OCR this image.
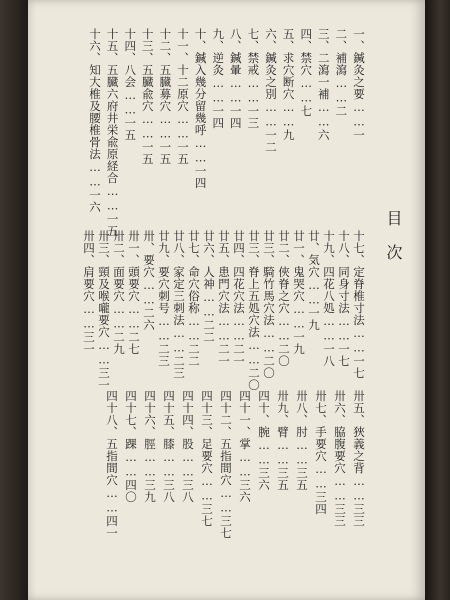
目次
一、鍼灸之要……一
二、補瀉……二
三、二瀉一補……六
四、禁穴……七
五、求穴断穴……九
六、鍼灸之別……一二
七、禁戒……一三
八、鍼暈……一四
九、逆灸……一四
十、鍼入幾分留幾呼……一四
十一、十二原穴……一五
十二、五臓募穴……一五
十三、五臓兪穴……一五
十四、八会……一五
十五、五臓六府井栄兪原経合……一五
十六、知大椎及腰椎骨法……一六
十七、定脊椎寸法……一七
十八、同身寸法……一七
十九、四花八処……一八
廿、気穴……一九
廿一、鬼哭穴……一九
廿二、俠脊之穴……二〇
廿三、騎竹馬穴法……二〇
廿三、脊上五処穴法……二〇
廿四、四花穴法……二一
廿五、患門穴法……二一
廿六、人神……二二
廿七、命穴俗称……二二
廿八、家定三刺法……二三
廿九、要穴刺号……二三
卅、要穴……二六
卅一、頭要穴……二七
卅二、面要穴……二九
卅三、頸及喉嚨要穴……三一
卅四、肩要穴……三一
卅五、狹義之背……三三
卅六、脇腹要穴……三三
卅七、手要穴……三四
卅八、肘……三五
卅九、臂……三五
四十、腕……三六
四十一、掌……三六
四十二、五指間穴……三七
四十三、足要穴……三七
四十四、股……三八
四十五、膝……三八
四十六、脛……三九
四十七、踝……四〇
四十八、五指間穴……四一
